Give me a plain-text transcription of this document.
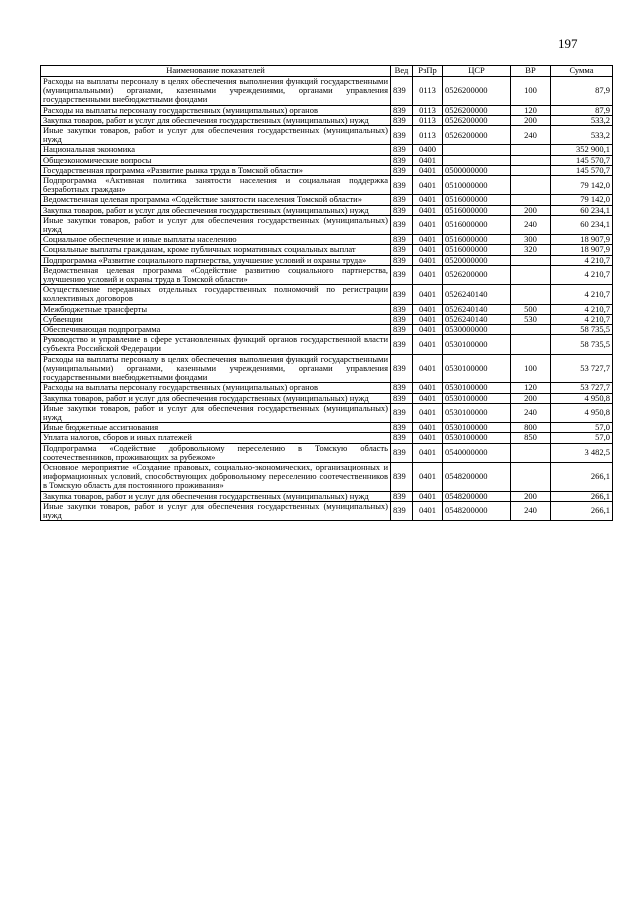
197
Наименование показателей	Вед	РзПр	ЦСР	ВР	Сумма
Расходы на выплаты персоналу в целях обеспечения выполнения функций государственными (муниципальными) органами, казенными учреждениями, органами управления государственными внебюджетными фондами	839	0113	0526200000	100	87,9
Расходы на выплаты персоналу государственных (муниципальных) органов	839	0113	0526200000	120	87,9
Закупка товаров, работ и услуг для обеспечения государственных (муниципальных) нужд	839	0113	0526200000	200	533,2
Иные закупки товаров, работ и услуг для обеспечения государственных (муниципальных) нужд	839	0113	0526200000	240	533,2
Национальная экономика	839	0400			352 900,1
Общеэкономические вопросы	839	0401			145 570,7
Государственная программа «Развитие рынка труда в Томской области»	839	0401	0500000000		145 570,7
Подпрограмма «Активная политика занятости населения и социальная поддержка безработных граждан»	839	0401	0510000000		79 142,0
Ведомственная целевая программа «Содействие занятости населения Томской области»	839	0401	0516000000		79 142,0
Закупка товаров, работ и услуг для обеспечения государственных (муниципальных) нужд	839	0401	0516000000	200	60 234,1
Иные закупки товаров, работ и услуг для обеспечения государственных (муниципальных) нужд	839	0401	0516000000	240	60 234,1
Социальное обеспечение и иные выплаты населению	839	0401	0516000000	300	18 907,9
Социальные выплаты гражданам, кроме публичных нормативных социальных выплат	839	0401	0516000000	320	18 907,9
Подпрограмма «Развитие социального партнерства, улучшение условий и охраны труда»	839	0401	0520000000		4 210,7
Ведомственная целевая программа «Содействие развитию социального партнерства, улучшению условий и охраны труда в Томской области»	839	0401	0526200000		4 210,7
Осуществление переданных отдельных государственных полномочий по регистрации коллективных договоров	839	0401	0526240140		4 210,7
Межбюджетные трансферты	839	0401	0526240140	500	4 210,7
Субвенции	839	0401	0526240140	530	4 210,7
Обеспечивающая подпрограмма	839	0401	0530000000		58 735,5
Руководство и управление в сфере установленных функций органов государственной власти субъекта Российской Федерации	839	0401	0530100000		58 735,5
Расходы на выплаты персоналу в целях обеспечения выполнения функций государственными (муниципальными) органами, казенными учреждениями, органами управления государственными внебюджетными фондами	839	0401	0530100000	100	53 727,7
Расходы на выплаты персоналу государственных (муниципальных) органов	839	0401	0530100000	120	53 727,7
Закупка товаров, работ и услуг для обеспечения государственных (муниципальных) нужд	839	0401	0530100000	200	4 950,8
Иные закупки товаров, работ и услуг для обеспечения государственных (муниципальных) нужд	839	0401	0530100000	240	4 950,8
Иные бюджетные ассигнования	839	0401	0530100000	800	57,0
Уплата налогов, сборов и иных платежей	839	0401	0530100000	850	57,0
Подпрограмма «Содействие добровольному переселению в Томскую область соотечественников, проживающих за рубежом»	839	0401	0540000000		3 482,5
Основное мероприятие «Создание правовых, социально-экономических, организационных и информационных условий, способствующих добровольному переселению соотечественников в Томскую область для постоянного проживания»	839	0401	0548200000		266,1
Закупка товаров, работ и услуг для обеспечения государственных (муниципальных) нужд	839	0401	0548200000	200	266,1
Иные закупки товаров, работ и услуг для обеспечения государственных (муниципальных) нужд	839	0401	0548200000	240	266,1
